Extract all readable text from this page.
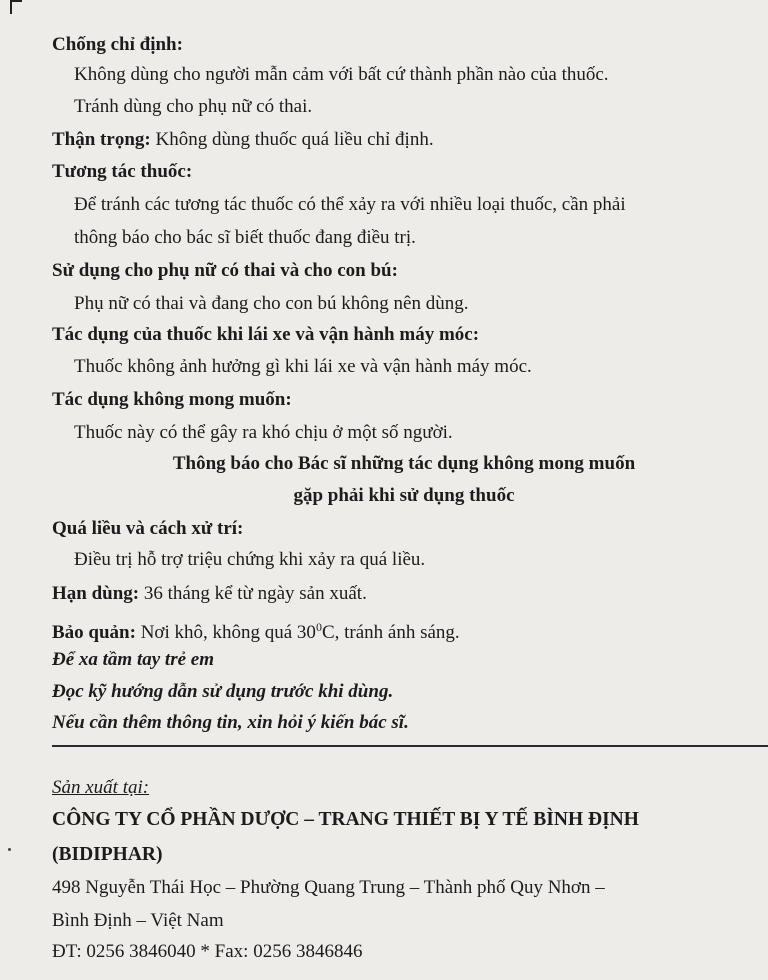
Chống chỉ định:
Không dùng cho người mẫn cảm với bất cứ thành phần nào của thuốc.
Tránh dùng cho phụ nữ có thai.
Thận trọng: Không dùng thuốc quá liều chỉ định.
Tương tác thuốc:
Để tránh các tương tác thuốc có thể xảy ra với nhiều loại thuốc, cần phải
thông báo cho bác sĩ biết thuốc đang điều trị.
Sử dụng cho phụ nữ có thai và cho con bú:
Phụ nữ có thai và đang cho con bú không nên dùng.
Tác dụng của thuốc khi lái xe và vận hành máy móc:
Thuốc không ảnh hưởng gì khi lái xe và vận hành máy móc.
Tác dụng không mong muốn:
Thuốc này có thể gây ra khó chịu ở một số người.
Thông báo cho Bác sĩ những tác dụng không mong muốn
gặp phải khi sử dụng thuốc
Quá liều và cách xử trí:
Điều trị hỗ trợ triệu chứng khi xảy ra quá liều.
Hạn dùng: 36 tháng kể từ ngày sản xuất.
Bảo quản: Nơi khô, không quá $30^0C$, tránh ánh sáng.
Để xa tầm tay trẻ em
Đọc kỹ hướng dẫn sử dụng trước khi dùng.
Nếu cần thêm thông tin, xin hỏi ý kiến bác sĩ.
Sản xuất tại:
CÔNG TY CỔ PHẦN DƯỢC – TRANG THIẾT BỊ Y TẾ BÌNH ĐỊNH
(BIDIPHAR)
498 Nguyễn Thái Học – Phường Quang Trung – Thành phố Quy Nhơn –
Bình Định – Việt Nam
ĐT: 0256 3846040 * Fax: 0256 3846846
